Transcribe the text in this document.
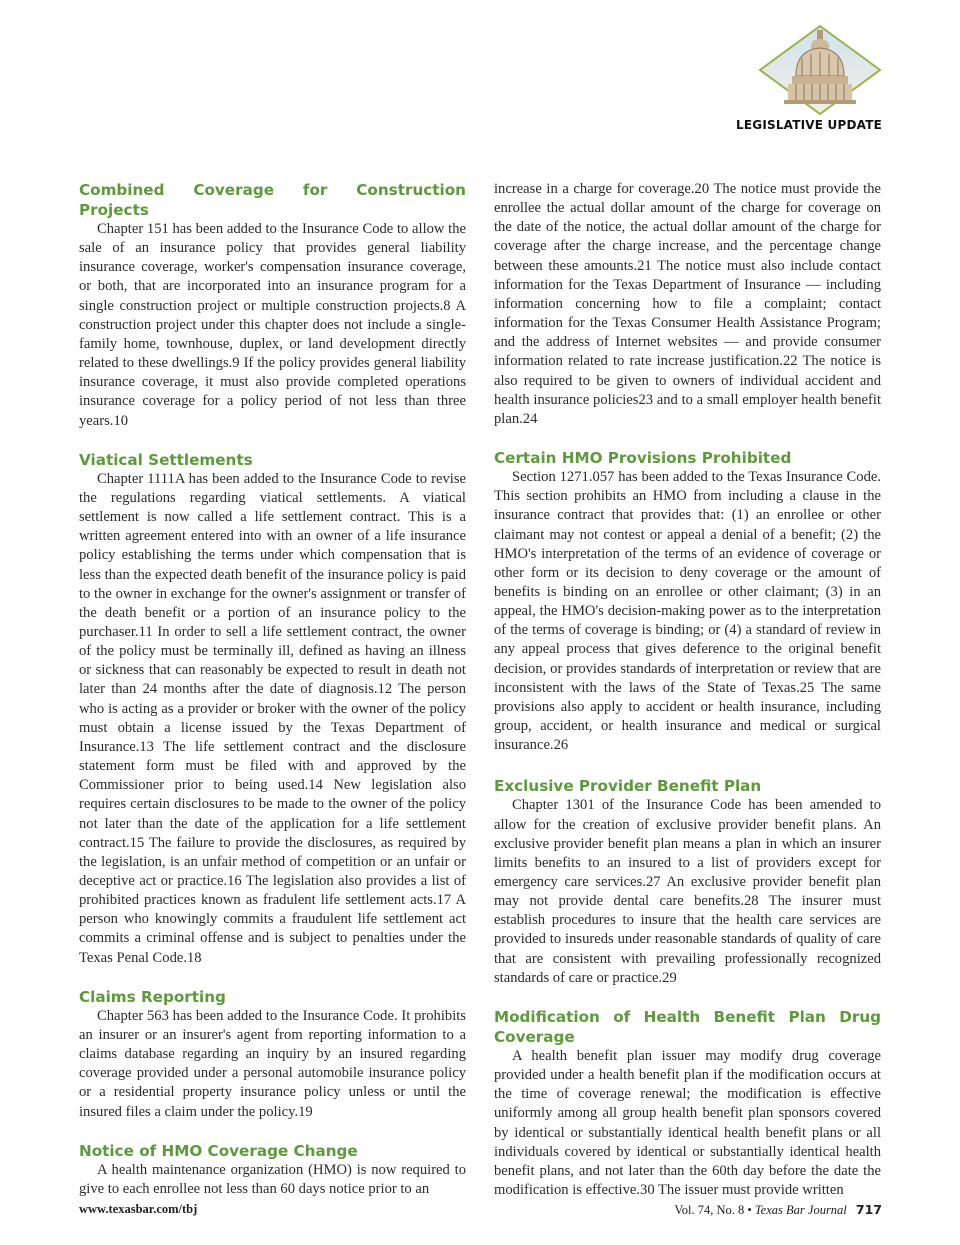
LEGISLATIVE UPDATE
Combined Coverage for Construction Projects

Chapter 151 has been added to the Insurance Code to allow the sale of an insurance policy that provides general liability insurance coverage, worker's compensation insurance coverage, or both, that are incorporated into an insurance program for a single construction project or multiple construction projects.8 A construction project under this chapter does not include a single-family home, townhouse, duplex, or land development directly related to these dwellings.9 If the policy provides general liability insurance coverage, it must also provide completed operations insurance coverage for a policy period of not less than three years.10

Viatical Settlements

Chapter 1111A has been added to the Insurance Code to revise the regulations regarding viatical settlements. A viatical settlement is now called a life settlement contract. This is a written agreement entered into with an owner of a life insurance policy establishing the terms under which compensation that is less than the expected death benefit of the insurance policy is paid to the owner in exchange for the owner's assignment or transfer of the death benefit or a portion of an insurance policy to the purchaser.11 In order to sell a life settlement contract, the owner of the policy must be terminally ill, defined as having an illness or sickness that can reasonably be expected to result in death not later than 24 months after the date of diagnosis.12 The person who is acting as a provider or broker with the owner of the policy must obtain a license issued by the Texas Department of Insurance.13 The life settlement contract and the disclosure statement form must be filed with and approved by the Commissioner prior to being used.14 New legislation also requires certain disclosures to be made to the owner of the policy not later than the date of the application for a life settlement contract.15 The failure to provide the disclosures, as required by the legislation, is an unfair method of competition or an unfair or deceptive act or practice.16 The legislation also provides a list of prohibited practices known as fradulent life settlement acts.17 A person who knowingly commits a fraudulent life settlement act commits a criminal offense and is subject to penalties under the Texas Penal Code.18

Claims Reporting

Chapter 563 has been added to the Insurance Code. It prohibits an insurer or an insurer's agent from reporting information to a claims database regarding an inquiry by an insured regarding coverage provided under a personal automobile insurance policy or a residential property insurance policy unless or until the insured files a claim under the policy.19

Notice of HMO Coverage Change

A health maintenance organization (HMO) is now required to give to each enrollee not less than 60 days notice prior to an

increase in a charge for coverage.20 The notice must provide the enrollee the actual dollar amount of the charge for coverage on the date of the notice, the actual dollar amount of the charge for coverage after the charge increase, and the percentage change between these amounts.21 The notice must also include contact information for the Texas Department of Insurance — including information concerning how to file a complaint; contact information for the Texas Consumer Health Assistance Program; and the address of Internet websites — and provide consumer information related to rate increase justification.22 The notice is also required to be given to owners of individual accident and health insurance policies23 and to a small employer health benefit plan.24

Certain HMO Provisions Prohibited

Section 1271.057 has been added to the Texas Insurance Code. This section prohibits an HMO from including a clause in the insurance contract that provides that: (1) an enrollee or other claimant may not contest or appeal a denial of a benefit; (2) the HMO's interpretation of the terms of an evidence of coverage or other form or its decision to deny coverage or the amount of benefits is binding on an enrollee or other claimant; (3) in an appeal, the HMO's decision-making power as to the interpretation of the terms of coverage is binding; or (4) a standard of review in any appeal process that gives deference to the original benefit decision, or provides standards of interpretation or review that are inconsistent with the laws of the State of Texas.25 The same provisions also apply to accident or health insurance, including group, accident, or health insurance and medical or surgical insurance.26

Exclusive Provider Benefit Plan

Chapter 1301 of the Insurance Code has been amended to allow for the creation of exclusive provider benefit plans. An exclusive provider benefit plan means a plan in which an insurer limits benefits to an insured to a list of providers except for emergency care services.27 An exclusive provider benefit plan may not provide dental care benefits.28 The insurer must establish procedures to insure that the health care services are provided to insureds under reasonable standards of quality of care that are consistent with prevailing professionally recognized standards of care or practice.29

Modification of Health Benefit Plan Drug Coverage

A health benefit plan issuer may modify drug coverage provided under a health benefit plan if the modification occurs at the time of coverage renewal; the modification is effective uniformly among all group health benefit plan sponsors covered by identical or substantially identical health benefit plans or all individuals covered by identical or substantially identical health benefit plans, and not later than the 60th day before the date the modification is effective.30 The issuer must provide written

www.texasbar.com/tbj	Vol. 74, No. 8 • Texas Bar Journal 717
